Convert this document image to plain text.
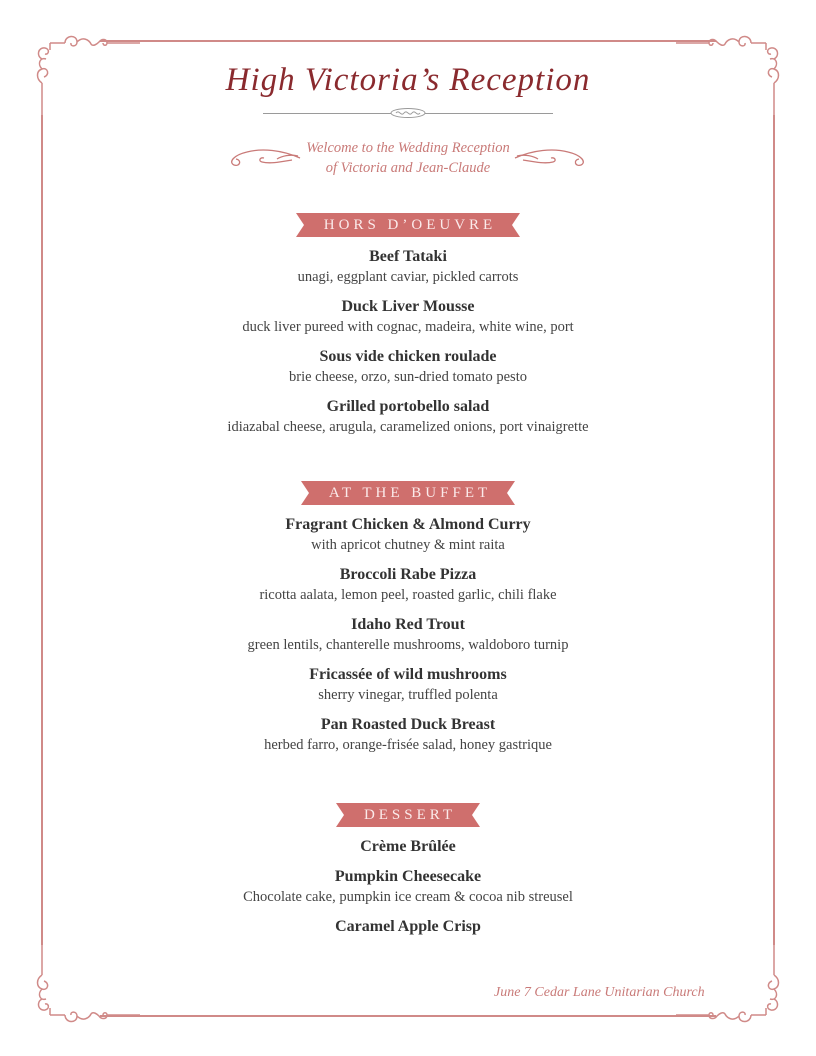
High Victoria’s Reception
Welcome to the Wedding Reception
of Victoria and Jean-Claude
HORS D’OEUVRE
Beef Tataki
unagi, eggplant caviar, pickled carrots
Duck Liver Mousse
duck liver pureed with cognac, madeira, white wine, port
Sous vide chicken roulade
brie cheese, orzo, sun-dried tomato pesto
Grilled portobello salad
idiazabal cheese, arugula, caramelized onions, port vinaigrette
AT THE BUFFET
Fragrant Chicken & Almond Curry
with apricot chutney & mint raita
Broccoli Rabe Pizza
ricotta aalata, lemon peel, roasted garlic, chili flake
Idaho Red Trout
green lentils, chanterelle mushrooms, waldoboro turnip
Fricassée of wild mushrooms
sherry vinegar, truffled polenta
Pan Roasted Duck Breast
herbed farro, orange-frisée salad, honey gastrique
DESSERT
Crème Brûlée
Pumpkin Cheesecake
Chocolate cake, pumpkin ice cream & cocoa nib streusel
Caramel Apple Crisp
June 7 Cedar Lane Unitarian Church
